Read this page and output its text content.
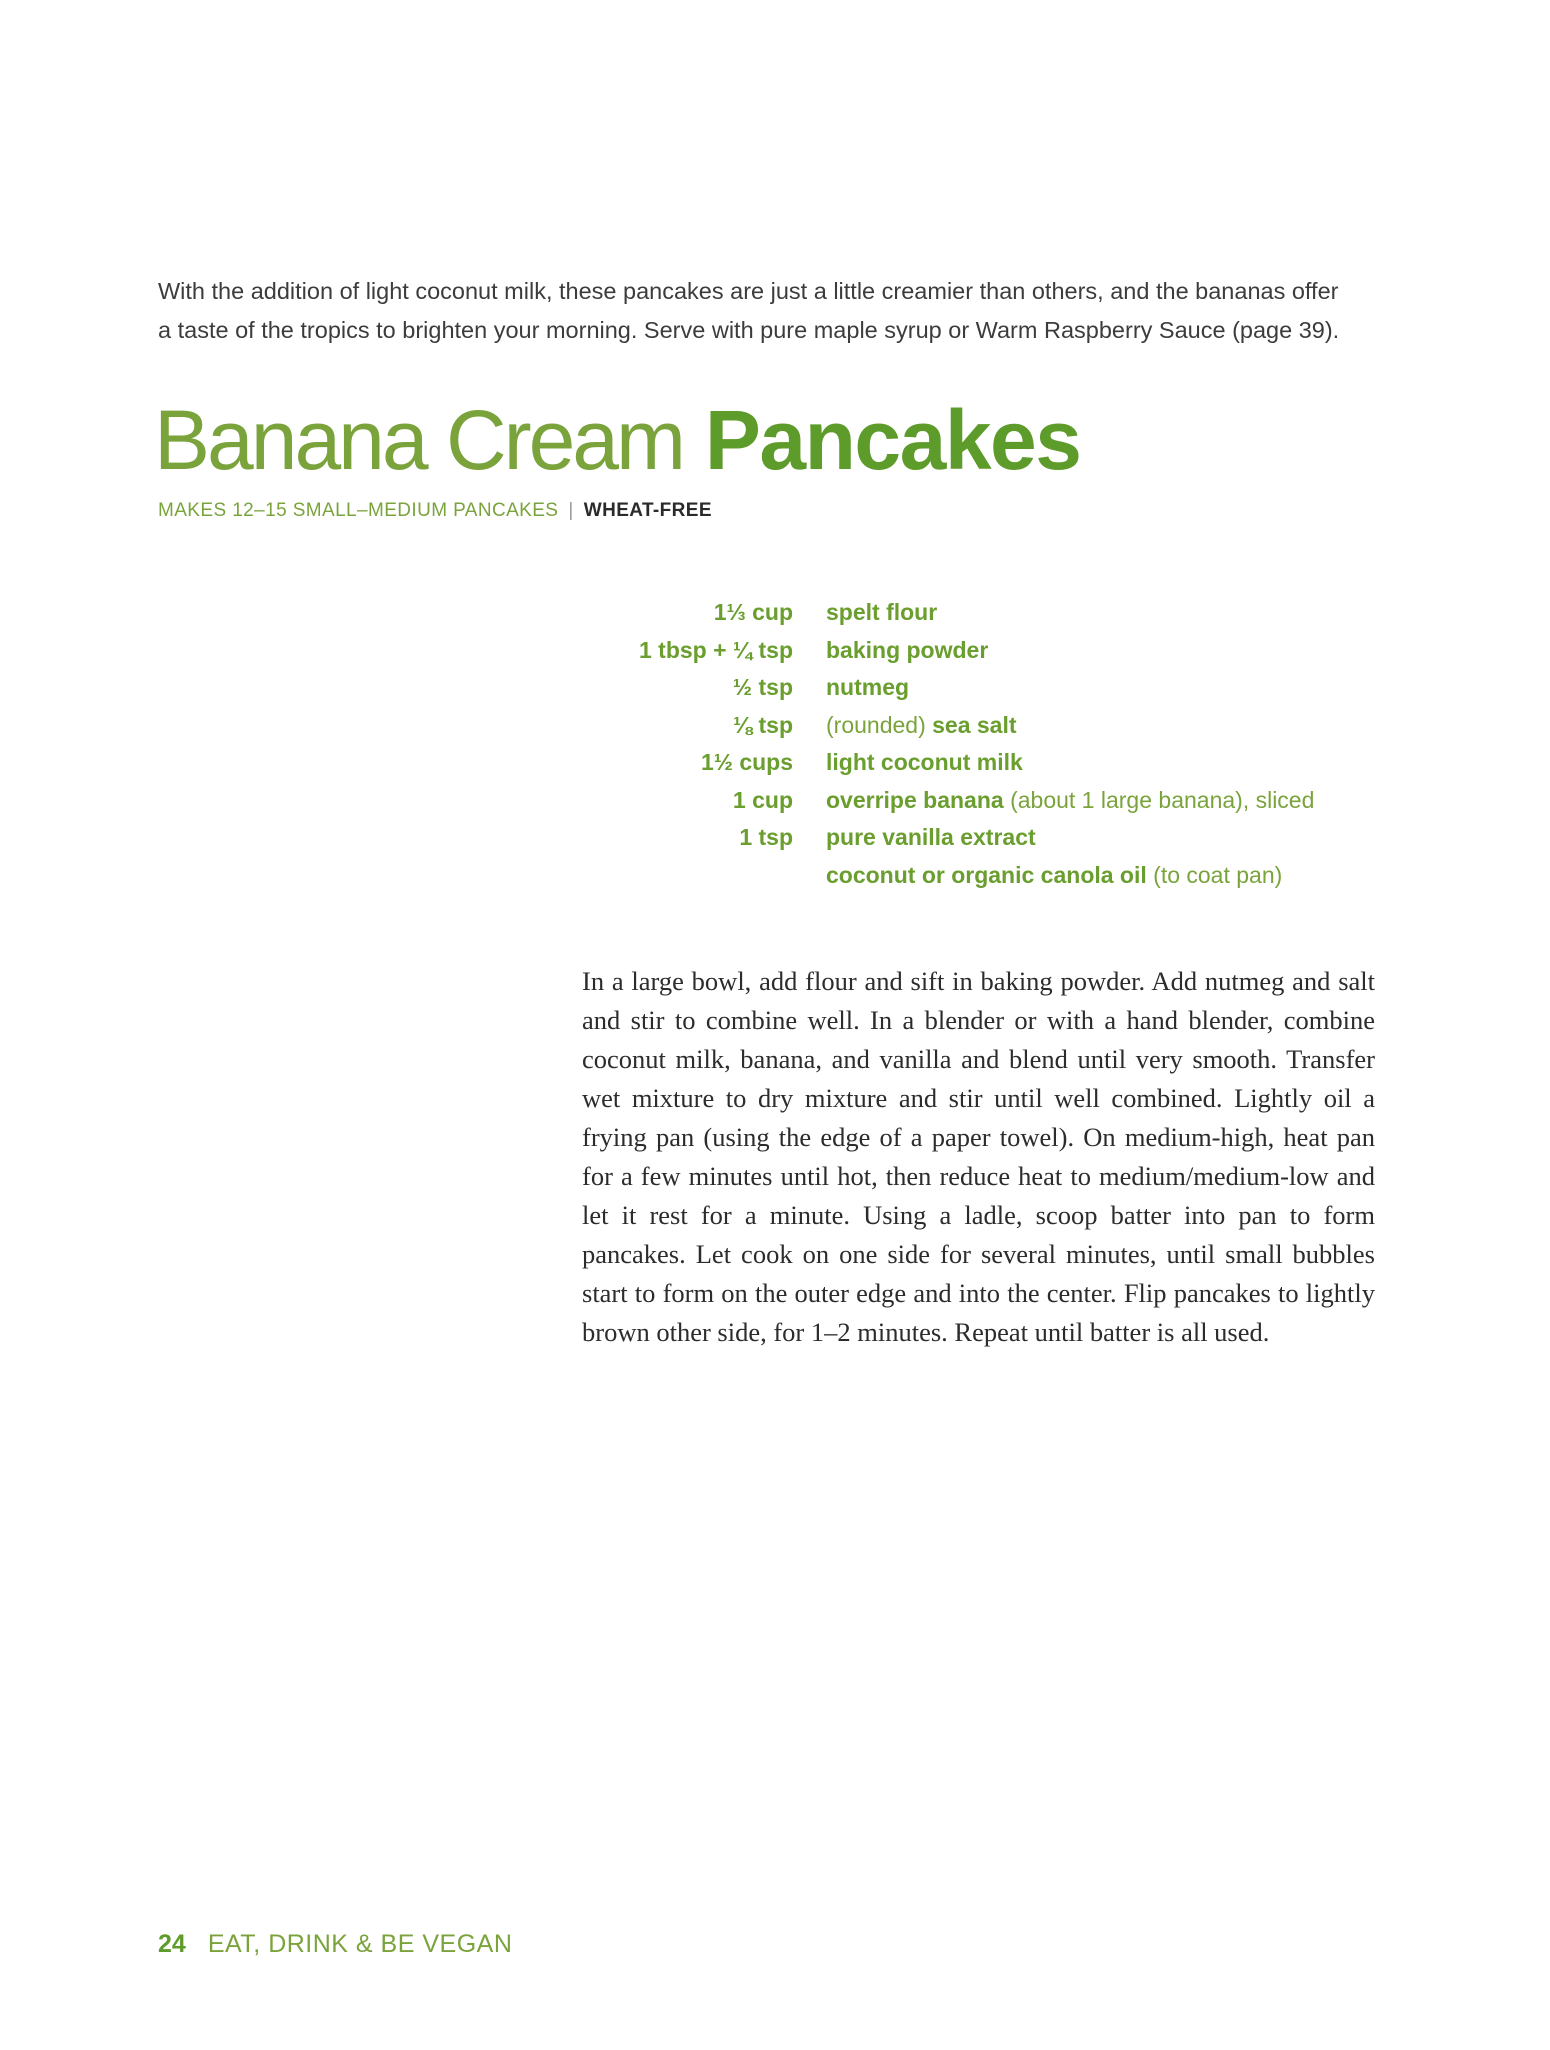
With the addition of light coconut milk, these pancakes are just a little creamier than others, and the bananas offer a taste of the tropics to brighten your morning. Serve with pure maple syrup or Warm Raspberry Sauce (page 39).

Banana Cream Pancakes
MAKES 12–15 SMALL–MEDIUM PANCAKES | WHEAT-FREE
1⅓ cup	spelt flour
1 tbsp + ¼ tsp	baking powder
½ tsp	nutmeg
⅛ tsp	(rounded) sea salt
1½ cups	light coconut milk
1 cup	overripe banana (about 1 large banana), sliced
1 tsp	pure vanilla extract
	coconut or organic canola oil (to coat pan)

In a large bowl, add flour and sift in baking powder. Add nutmeg and salt and stir to combine well. In a blender or with a hand blender, combine coconut milk, banana, and vanilla and blend until very smooth. Transfer wet mixture to dry mixture and stir until well combined. Lightly oil a frying pan (using the edge of a paper towel). On medium-high, heat pan for a few minutes until hot, then reduce heat to medium/medium-low and let it rest for a minute. Using a ladle, scoop batter into pan to form pancakes. Let cook on one side for several minutes, until small bubbles start to form on the outer edge and into the center. Flip pancakes to lightly brown other side, for 1–2 minutes. Repeat until batter is all used.

24 EAT, DRINK & BE VEGAN
